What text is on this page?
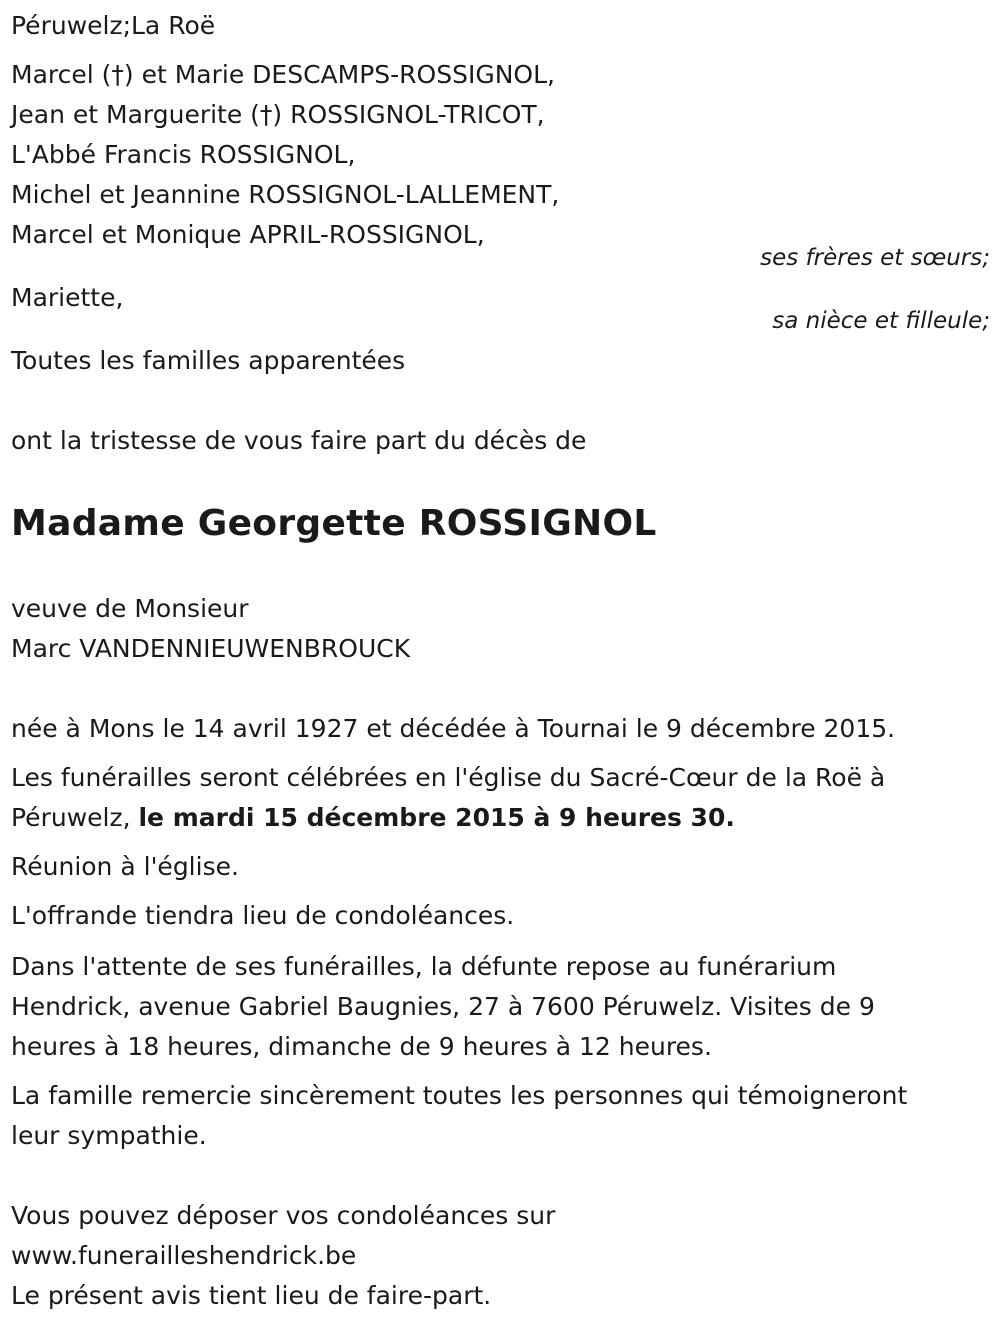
Péruwelz;La Roë
Marcel (†) et Marie DESCAMPS-ROSSIGNOL,
Jean et Marguerite (†) ROSSIGNOL-TRICOT,
L'Abbé Francis ROSSIGNOL,
Michel et Jeannine ROSSIGNOL-LALLEMENT,
Marcel et Monique APRIL-ROSSIGNOL,
ses frères et sœurs;
Mariette,
sa nièce et filleule;
Toutes les familles apparentées
ont la tristesse de vous faire part du décès de
Madame Georgette ROSSIGNOL
veuve de Monsieur
Marc VANDENNIEUWENBROUCK
née à Mons le 14 avril 1927 et décédée à Tournai le 9 décembre 2015.
Les funérailles seront célébrées en l'église du Sacré-Cœur de la Roë à
Péruwelz, le mardi 15 décembre 2015 à 9 heures 30.
Réunion à l'église.
L'offrande tiendra lieu de condoléances.
Dans l'attente de ses funérailles, la défunte repose au funérarium
Hendrick, avenue Gabriel Baugnies, 27 à 7600 Péruwelz. Visites de 9
heures à 18 heures, dimanche de 9 heures à 12 heures.
La famille remercie sincèrement toutes les personnes qui témoigneront
leur sympathie.
Vous pouvez déposer vos condoléances sur
www.funerailleshendrick.be
Le présent avis tient lieu de faire-part.
